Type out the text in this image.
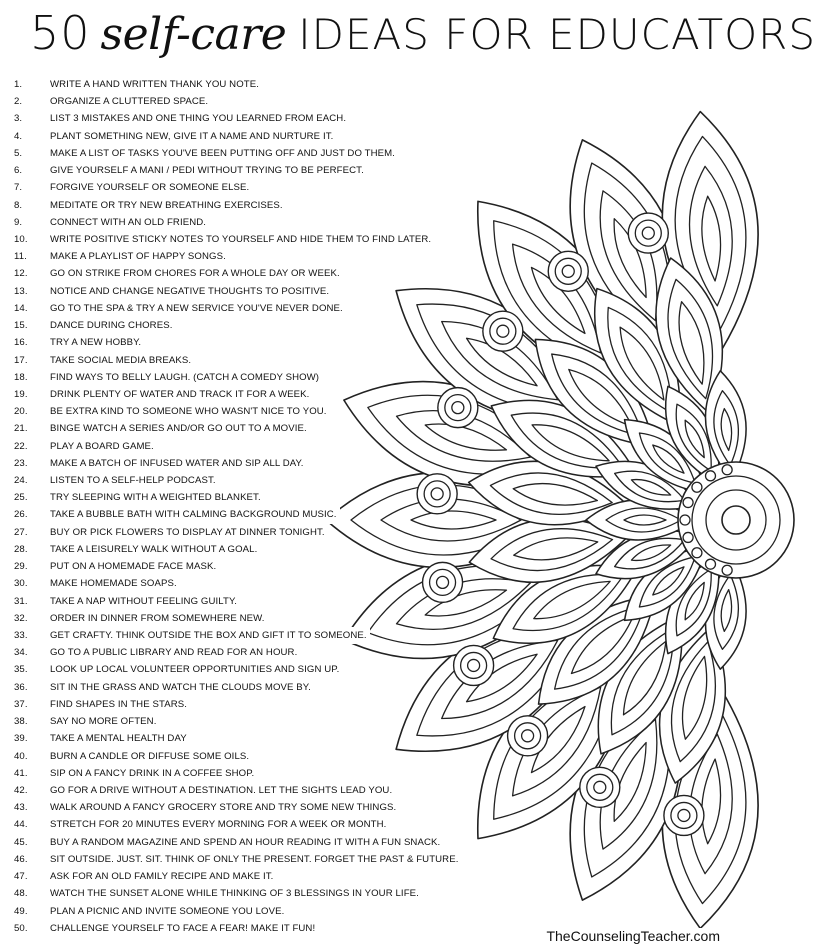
50 self-care IDEAS FOR EDUCATORS
1.	WRITE A HAND WRITTEN THANK YOU NOTE.
2.	ORGANIZE A CLUTTERED SPACE.
3.	LIST 3 MISTAKES AND ONE THING YOU LEARNED FROM EACH.
4.	PLANT SOMETHING NEW, GIVE IT A NAME AND NURTURE IT.
5.	MAKE A LIST OF TASKS YOU'VE BEEN PUTTING OFF AND JUST DO THEM.
6.	GIVE YOURSELF A MANI / PEDI WITHOUT TRYING TO BE PERFECT.
7.	FORGIVE YOURSELF OR SOMEONE ELSE.
8.	MEDITATE OR TRY NEW BREATHING EXERCISES.
9.	CONNECT WITH AN OLD FRIEND.
10.	WRITE POSITIVE STICKY NOTES TO YOURSELF AND HIDE THEM TO FIND LATER.
11.	MAKE A PLAYLIST OF HAPPY SONGS.
12.	GO ON STRIKE FROM CHORES FOR A WHOLE DAY OR WEEK.
13.	NOTICE AND CHANGE NEGATIVE THOUGHTS TO POSITIVE.
14.	GO TO THE SPA & TRY A NEW SERVICE YOU'VE NEVER DONE.
15.	DANCE DURING CHORES.
16.	TRY A NEW HOBBY.
17.	TAKE SOCIAL MEDIA BREAKS.
18.	FIND WAYS TO BELLY LAUGH. (CATCH A COMEDY SHOW)
19.	DRINK PLENTY OF WATER AND TRACK IT FOR A WEEK.
20.	BE EXTRA KIND TO SOMEONE WHO WASN'T NICE TO YOU.
21.	BINGE WATCH A SERIES AND/OR GO OUT TO A MOVIE.
22.	PLAY A BOARD GAME.
23.	MAKE A BATCH OF INFUSED WATER AND SIP ALL DAY.
24.	LISTEN TO A SELF-HELP PODCAST.
25.	TRY SLEEPING WITH A WEIGHTED BLANKET.
26.	TAKE A BUBBLE BATH WITH CALMING BACKGROUND MUSIC.
27.	BUY OR PICK FLOWERS TO DISPLAY AT DINNER TONIGHT.
28.	TAKE A LEISURELY WALK WITHOUT A GOAL.
29.	PUT ON A HOMEMADE FACE MASK.
30.	MAKE HOMEMADE SOAPS.
31.	TAKE A NAP WITHOUT FEELING GUILTY.
32.	ORDER IN DINNER FROM SOMEWHERE NEW.
33.	GET CRAFTY. THINK OUTSIDE THE BOX AND GIFT IT TO SOMEONE.
34.	GO TO A PUBLIC LIBRARY AND READ FOR AN HOUR.
35.	LOOK UP LOCAL VOLUNTEER OPPORTUNITIES AND SIGN UP.
36.	SIT IN THE GRASS AND WATCH THE CLOUDS MOVE BY.
37.	FIND SHAPES IN THE STARS.
38.	SAY NO MORE OFTEN.
39.	TAKE A MENTAL HEALTH DAY
40.	BURN A CANDLE OR DIFFUSE SOME OILS.
41.	SIP ON A FANCY DRINK IN A COFFEE SHOP.
42.	GO FOR A DRIVE WITHOUT A DESTINATION. LET THE SIGHTS LEAD YOU.
43.	WALK AROUND A FANCY GROCERY STORE AND TRY SOME NEW THINGS.
44.	STRETCH FOR 20 MINUTES EVERY MORNING FOR A WEEK OR MONTH.
45.	BUY A RANDOM MAGAZINE AND SPEND AN HOUR READING IT WITH A FUN SNACK.
46.	SIT OUTSIDE. JUST. SIT. THINK OF ONLY THE PRESENT. FORGET THE PAST & FUTURE.
47.	ASK FOR AN OLD FAMILY RECIPE AND MAKE IT.
48.	WATCH THE SUNSET ALONE WHILE THINKING OF 3 BLESSINGS IN YOUR LIFE.
49.	PLAN A PICNIC AND INVITE SOMEONE YOU LOVE.
50.	CHALLENGE YOURSELF TO FACE A FEAR! MAKE IT FUN!	TheCounselingTeacher.com
